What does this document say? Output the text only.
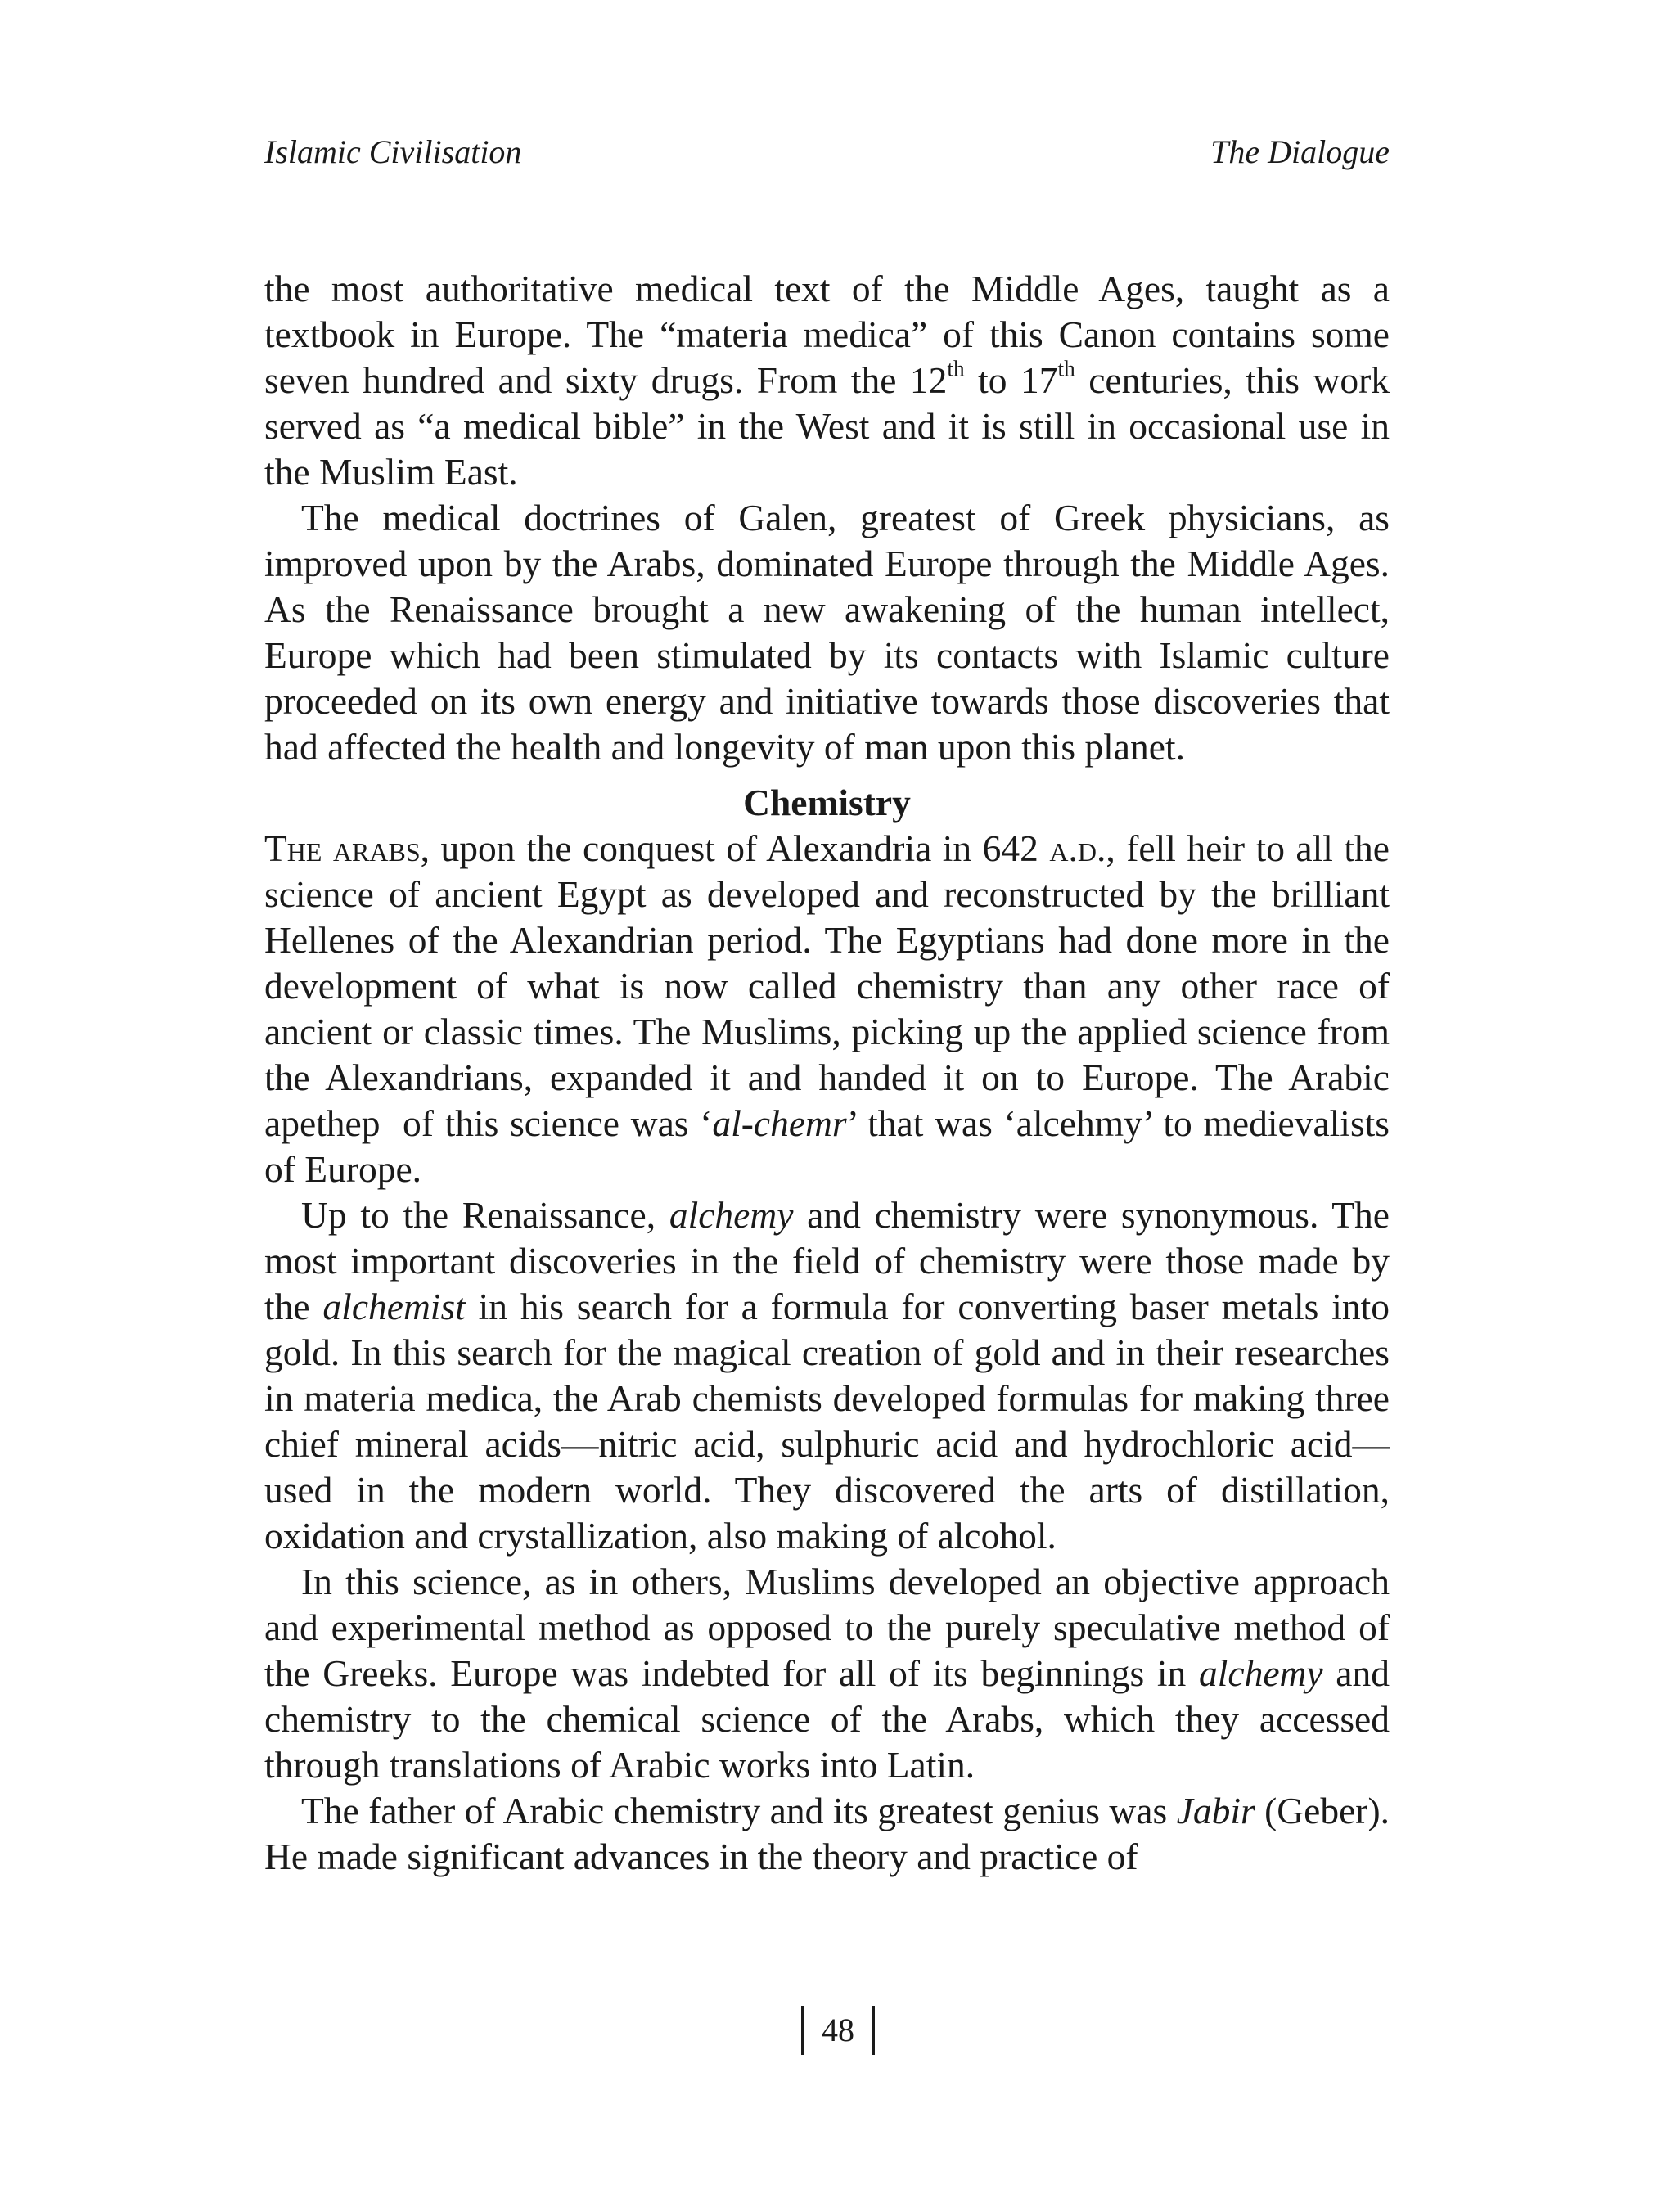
Islamic Civilisation	The Dialogue

the most authoritative medical text of the Middle Ages, taught as a textbook in Europe. The “materia medica” of this Canon contains some seven hundred and sixty drugs. From the 12th to 17th centuries, this work served as “a medical bible” in the West and it is still in occasional use in the Muslim East.

The medical doctrines of Galen, greatest of Greek physicians, as improved upon by the Arabs, dominated Europe through the Middle Ages. As the Renaissance brought a new awakening of the human intellect, Europe which had been stimulated by its contacts with Islamic culture proceeded on its own energy and initiative towards those discoveries that had affected the health and longevity of man upon this planet.

Chemistry

The arabs, upon the conquest of Alexandria in 642 a.d., fell heir to all the science of ancient Egypt as developed and reconstructed by the brilliant Hellenes of the Alexandrian period. The Egyptians had done more in the development of what is now called chemistry than any other race of ancient or classic times. The Muslims, picking up the applied science from the Alexandrians, expanded it and handed it on to Europe. The Arabic apethep  of this science was ‘al-chemr’ that was ‘alcehmy’ to medievalists of Europe.

Up to the Renaissance, alchemy and chemistry were synonymous. The most important discoveries in the field of chemistry were those made by the alchemist in his search for a formula for converting baser metals into gold. In this search for the magical creation of gold and in their researches in materia medica, the Arab chemists developed formulas for making three chief mineral acids—nitric acid, sulphuric acid and hydrochloric acid—used in the modern world. They discovered the arts of distillation, oxidation and crystallization, also making of alcohol.

In this science, as in others, Muslims developed an objective approach and experimental method as opposed to the purely speculative method of the Greeks. Europe was indebted for all of its beginnings in alchemy and chemistry to the chemical science of the Arabs, which they accessed through translations of Arabic works into Latin.

The father of Arabic chemistry and its greatest genius was Jabir (Geber). He made significant advances in the theory and practice of

48
